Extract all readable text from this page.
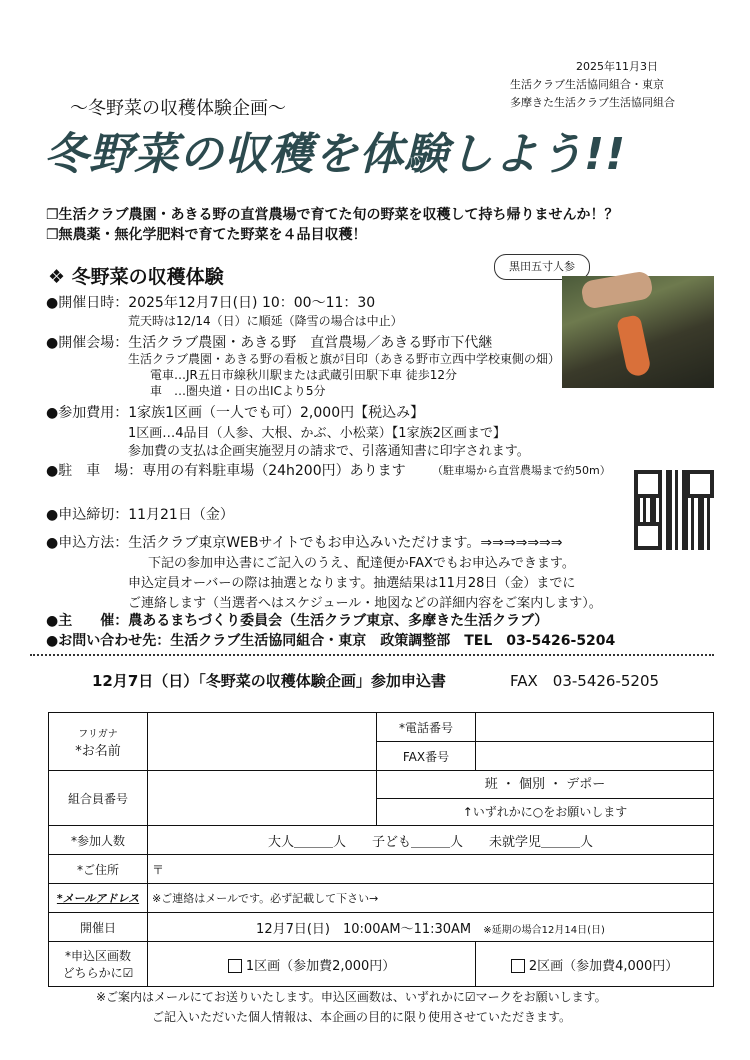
2025年11月3日
生活クラブ生活協同組合・東京
多摩きた生活クラブ生活協同組合
〜冬野菜の収穫体験企画〜
冬野菜の収穫を体験しよう!!
❐生活クラブ農園・あきる野の直営農場で育てた旬の野菜を収穫して持ち帰りませんか！？
❐無農薬・無化学肥料で育てた野菜を４品目収穫！
❖ 冬野菜の収穫体験	黒田五寸人参
●開催日時：2025年12月7日(日) 10：00〜11：30
荒天時は12/14（日）に順延（降雪の場合は中止）
●開催会場：生活クラブ農園・あきる野　直営農場／あきる野市下代継
生活クラブ農園・あきる野の看板と旗が目印（あきる野市立西中学校東側の畑）
電車…JR五日市線秋川駅または武蔵引田駅下車 徒歩12分
車　…圏央道・日の出ICより5分
●参加費用：1家族1区画（一人でも可）2,000円【税込み】
1区画…4品目（人参、大根、かぶ、小松菜）【1家族2区画まで】
参加費の支払は企画実施翌月の請求で、引落通知書に印字されます。
●駐　車　場：専用の有料駐車場（24h200円）あります （駐車場から直営農場まで約50m）
●申込締切：11月21日（金）
●申込方法：生活クラブ東京WEBサイトでもお申込みいただけます。⇒⇒⇒⇒⇒⇒⇒
下記の参加申込書にご記入のうえ、配達便かFAXでもお申込みできます。
申込定員オーバーの際は抽選となります。抽選結果は11月28日（金）までに
ご連絡します（当選者へはスケジュール・地図などの詳細内容をご案内します）。
●主　　催：農あるまちづくり委員会（生活クラブ東京、多摩きた生活クラブ）
●お問い合わせ先：生活クラブ生活協同組合・東京　政策調整部　TEL　03-5426-5204
12月7日（日）「冬野菜の収穫体験企画」参加申込書	FAX　03-5426-5205
フリガナ
*お名前		*電話番号	
		FAX番号	
組合員番号		班 ・ 個別 ・ デポー
↑いずれかに○をお願いします	

*参加人数	大人＿＿＿人　　子ども＿＿＿人　　未就学児＿＿＿人		
*ご住所	〒		
*メールアドレス	※ご連絡はメールです。必ず記載して下さい→		
開催日	12月7日(日)　10:00AM〜11:30AM ※延期の場合12月14日(日)		

*申込区画数
どちらかに☑	1区画（参加費2,000円）		2区画（参加費4,000円）
※ご案内はメールにてお送りいたします。申込区画数は、いずれかに☑マークをお願いします。
ご記入いただいた個人情報は、本企画の目的に限り使用させていただきます。
